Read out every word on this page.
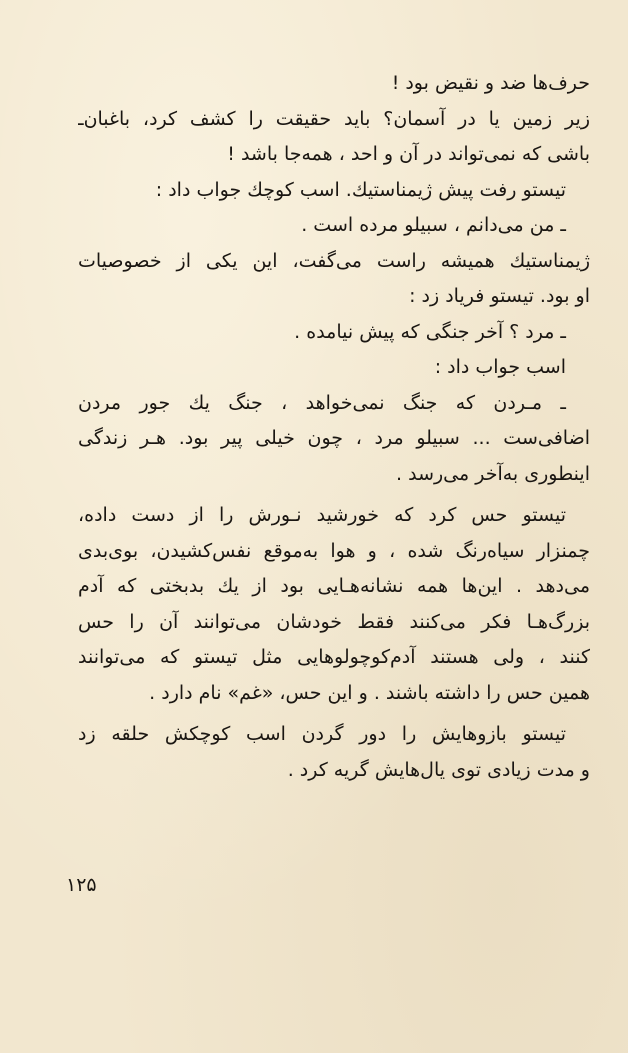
حرف‌ها ضد و نقیض بود !
زیر زمین یا در آسمان؟ باید حقیقت را کشف کرد، باغبان‌ـ
باشی که نمی‌تواند در آن و احد ، همه‌جا باشد !
تیستو رفت پیش ژیمناستیك. اسب کوچك جواب داد :
ـ من می‌دانم ، سبیلو مرده است .
ژیمناستیك همیشه راست می‌گفت، این یکی از خصوصیات
او بود. تیستو فریاد زد :
ـ مرد ؟ آخر جنگی که پیش نیامده .
اسب جواب داد :
ـ مـردن که جنگ نمی‌خواهد ، جنگ یك جور مردن
اضافی‌ست ... سبیلو مرد ، چون خیلی پیر بود. هـر زندگی
اینطوری به‌آخر می‌رسد .
تیستو حس کرد که خورشید نـورش را از دست داده،
چمنزار سیاه‌رنگ شده ، و هوا به‌موقع نفس‌کشیدن، بوی‌بدی
می‌دهد . این‌ها همه نشانه‌هـایی بود از یك بدبختی که آدم
بزرگ‌هـا فکر می‌کنند فقط خودشان می‌توانند آن را حس
کنند ، ولی هستند آدم‌کوچولوهایی مثل تیستو که می‌توانند
همین حس را داشته باشند . و این حس، «غم» نام دارد .
تیستو بازوهایش را دور گردن اسب کوچکش حلقه زد
و مدت زیادی توی یال‌هایش گریه کرد .
۱۲۵
